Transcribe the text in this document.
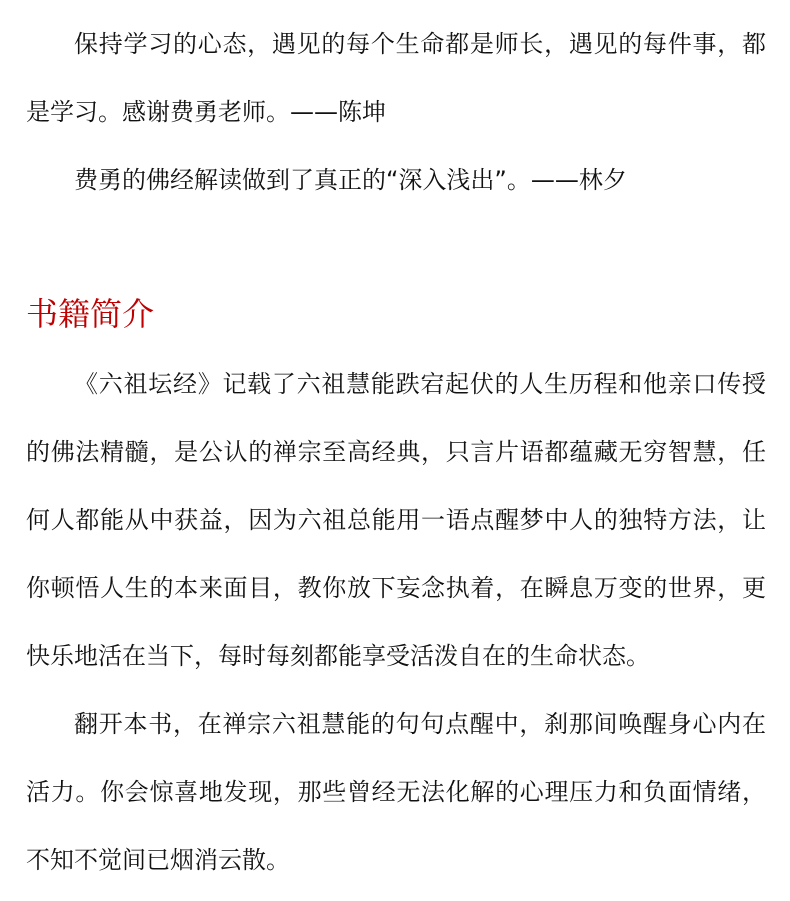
保持学习的心态，遇见的每个生命都是师长，遇见的每件事，都是学习。感谢费勇老师。——陈坤

费勇的佛经解读做到了真正的“深入浅出”。——林夕

书籍简介

《六祖坛经》记载了六祖慧能跌宕起伏的人生历程和他亲口传授的佛法精髓，是公认的禅宗至高经典，只言片语都蕴藏无穷智慧，任何人都能从中获益，因为六祖总能用一语点醒梦中人的独特方法，让你顿悟人生的本来面目，教你放下妄念执着，在瞬息万变的世界，更快乐地活在当下，每时每刻都能享受活泼自在的生命状态。

翻开本书，在禅宗六祖慧能的句句点醒中，刹那间唤醒身心内在活力。你会惊喜地发现，那些曾经无法化解的心理压力和负面情绪，不知不觉间已烟消云散。
